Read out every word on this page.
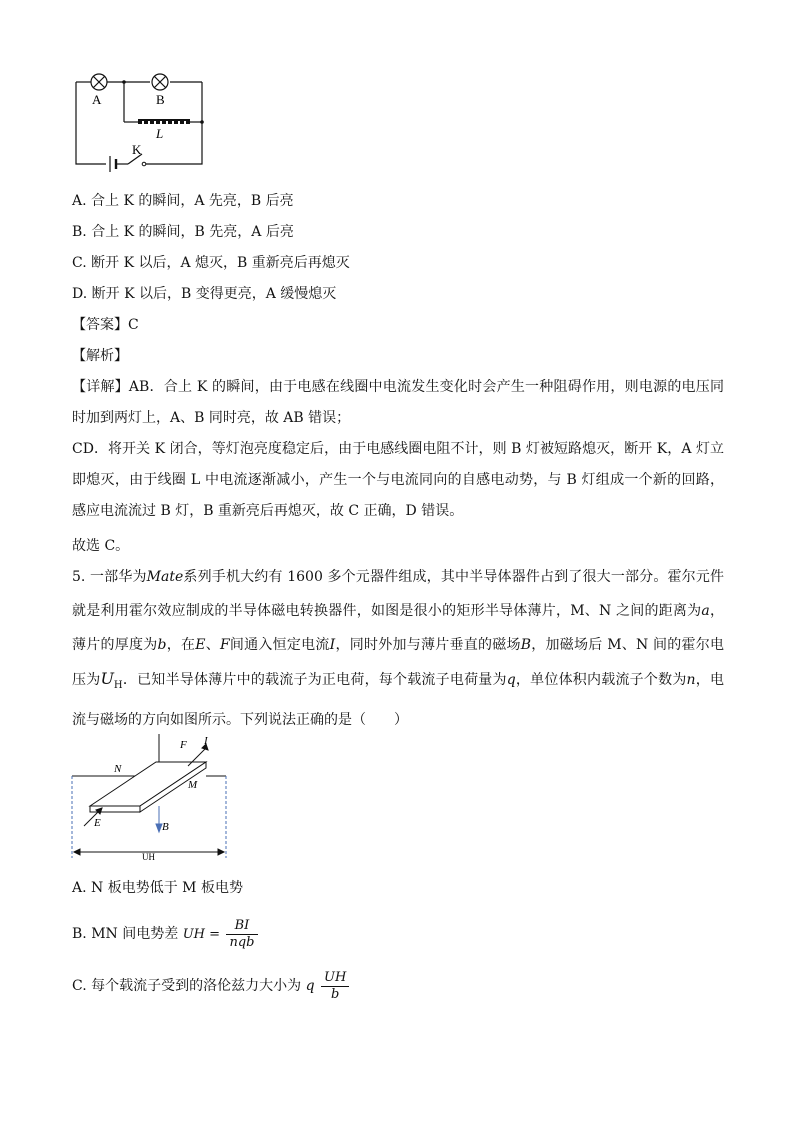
A	B
L
K
A. 合上 K 的瞬间，A 先亮，B 后亮
B. 合上 K 的瞬间，B 先亮，A 后亮
C. 断开 K 以后，A 熄灭，B 重新亮后再熄灭
D. 断开 K 以后，B 变得更亮，A 缓慢熄灭
【答案】C
【解析】
【详解】AB．合上 K 的瞬间，由于电感在线圈中电流发生变化时会产生一种阻碍作用，则电源的电压同时加到两灯上，A、B 同时亮，故 AB 错误；
CD．将开关 K 闭合，等灯泡亮度稳定后，由于电感线圈电阻不计，则 B 灯被短路熄灭，断开 K，A 灯立即熄灭，由于线圈 L 中电流逐渐减小，产生一个与电流同向的自感电动势，与 B 灯组成一个新的回路，感应电流流过 B 灯，B 重新亮后再熄灭，故 C 正确，D 错误。
故选 C。
5. 一部华为Mate系列手机大约有 1600 多个元器件组成，其中半导体器件占到了很大一部分。霍尔元件就是利用霍尔效应制成的半导体磁电转换器件，如图是很小的矩形半导体薄片，M、N 之间的距离为a，薄片的厚度为b，在E、F间通入恒定电流I，同时外加与薄片垂直的磁场B，加磁场后 M、N 间的霍尔电压为$U_H$．已知半导体薄片中的载流子为正电荷，每个载流子电荷量为q，单位体积内载流子个数为n，电流与磁场的方向如图所示。下列说法正确的是（　　）
F I
N
M
E	B
UH
A. N 板电势低于 M 板电势
B. MN 间电势差 UH = $\frac{BI}{\text{nqb}}$
C. 每个载流子受到的洛伦兹力大小为 q $\frac{UH}{b}$
